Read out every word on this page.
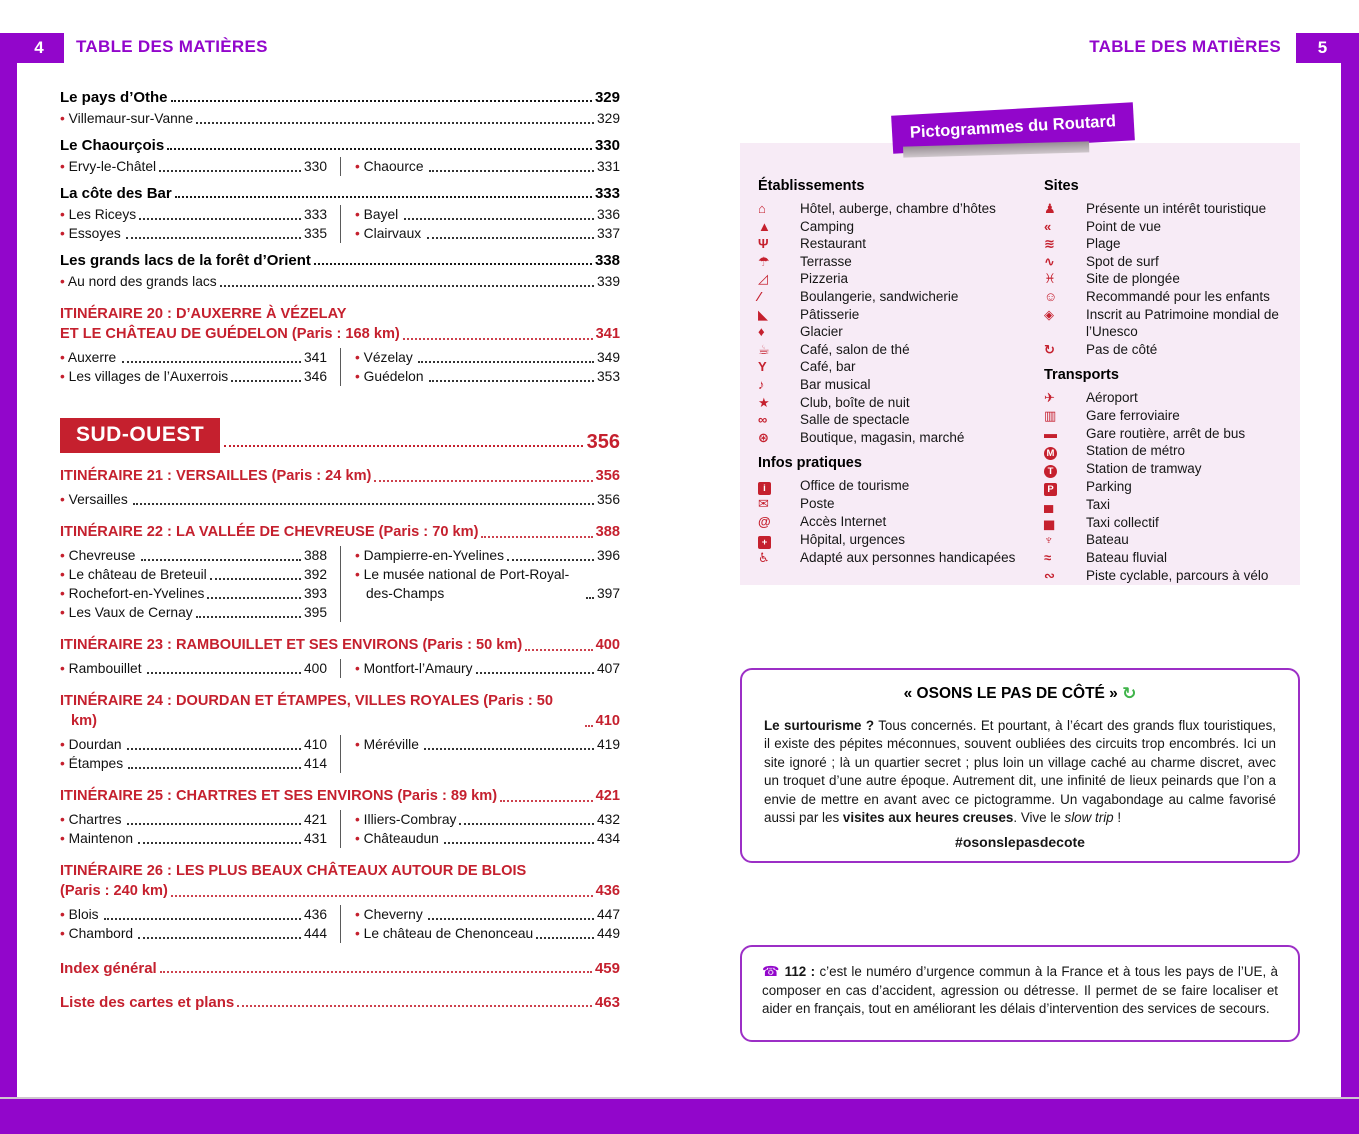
4	TABLE DES MATIÈRES	TABLE DES MATIÈRES	5
Le pays d’Othe	329
• Villemaur-sur-Vanne	329
Le Chaourçois	330
• Ervy-le-Châtel	330 • Chaource	331
La côte des Bar	333
• Les Riceys	333
• Essoyes	335
• Bayel	336
• Clairvaux	337
Les grands lacs de la forêt d’Orient	338
• Au nord des grands lacs	339
ITINÉRAIRE 20 : D’AUXERRE À VÉZELAY
ET LE CHÂTEAU DE GUÉDELON (Paris : 168 km)	341
• Auxerre	341
• Les villages de l’Auxerrois	346
• Vézelay	349
• Guédelon	353
SUD-OUEST	356
ITINÉRAIRE 21 : VERSAILLES (Paris : 24 km)	356
• Versailles	356
ITINÉRAIRE 22 : LA VALLÉE DE CHEVREUSE (Paris : 70 km)	388
• Chevreuse	388
• Le château de Breteuil	392
• Rochefort-en-Yvelines	393
• Les Vaux de Cernay	395
• Dampierre-en-Yvelines	396
• Le musée national de Port-Royal-des-Champs	397
ITINÉRAIRE 23 : RAMBOUILLET ET SES ENVIRONS (Paris : 50 km)	400
• Rambouillet	400 • Montfort-l’Amaury	407
ITINÉRAIRE 24 : DOURDAN ET ÉTAMPES, VILLES ROYALES (Paris : 50 km)	410
• Dourdan	410
• Étampes	414
• Méréville	419
ITINÉRAIRE 25 : CHARTRES ET SES ENVIRONS (Paris : 89 km)	421
• Chartres	421
• Maintenon	431
• Illiers-Combray	432
• Châteaudun	434
ITINÉRAIRE 26 : LES PLUS BEAUX CHÂTEAUX AUTOUR DE BLOIS
(Paris : 240 km)	436
• Blois	436
• Chambord	444
• Cheverny	447
• Le château de Chenonceau	449
Index général	459
Liste des cartes et plans	463
Pictogrammes du Routard
Établissements
⌂	Hôtel, auberge, chambre d’hôtes
▲	Camping
Ψ	Restaurant
☂	Terrasse
◿	Pizzeria
∕	Boulangerie, sandwicherie
◣	Pâtisserie
♦	Glacier
☕	Café, salon de thé
Y	Café, bar
♪	Bar musical
★	Club, boîte de nuit
∞	Salle de spectacle
⊛	Boutique, magasin, marché
Infos pratiques
i	Office de tourisme
✉	Poste
@	Accès Internet
+	Hôpital, urgences
♿	Adapté aux personnes handicapées
Sites
♟	Présente un intérêt touristique
«	Point de vue
≋	Plage
∿	Spot de surf
♓	Site de plongée
☺	Recommandé pour les enfants
◈	Inscrit au Patrimoine mondial de l’Unesco
↻	Pas de côté
Transports
✈	Aéroport
▥	Gare ferroviaire
▬	Gare routière, arrêt de bus
M	Station de métro
T	Station de tramway
P	Parking
▄	Taxi
▅	Taxi collectif
♆	Bateau
≈	Bateau fluvial
∾	Piste cyclable, parcours à vélo
« OSONS LE PAS DE CÔTÉ » ↻

Le surtourisme ? Tous concernés. Et pourtant, à l’écart des grands flux touristiques, il existe des pépites méconnues, souvent oubliées des circuits trop encombrés. Ici un site ignoré ; là un quartier secret ; plus loin un village caché au charme discret, avec un troquet d’une autre époque. Autrement dit, une infinité de lieux peinards que l’on a envie de mettre en avant avec ce pictogramme. Un vagabondage au calme favorisé aussi par les visites aux heures creuses. Vive le slow trip !

#osonslepasdecote
☎ 112 : c’est le numéro d’urgence commun à la France et à tous les pays de l’UE, à composer en cas d’accident, agression ou détresse. Il permet de se faire localiser et aider en français, tout en améliorant les délais d’intervention des services de secours.
